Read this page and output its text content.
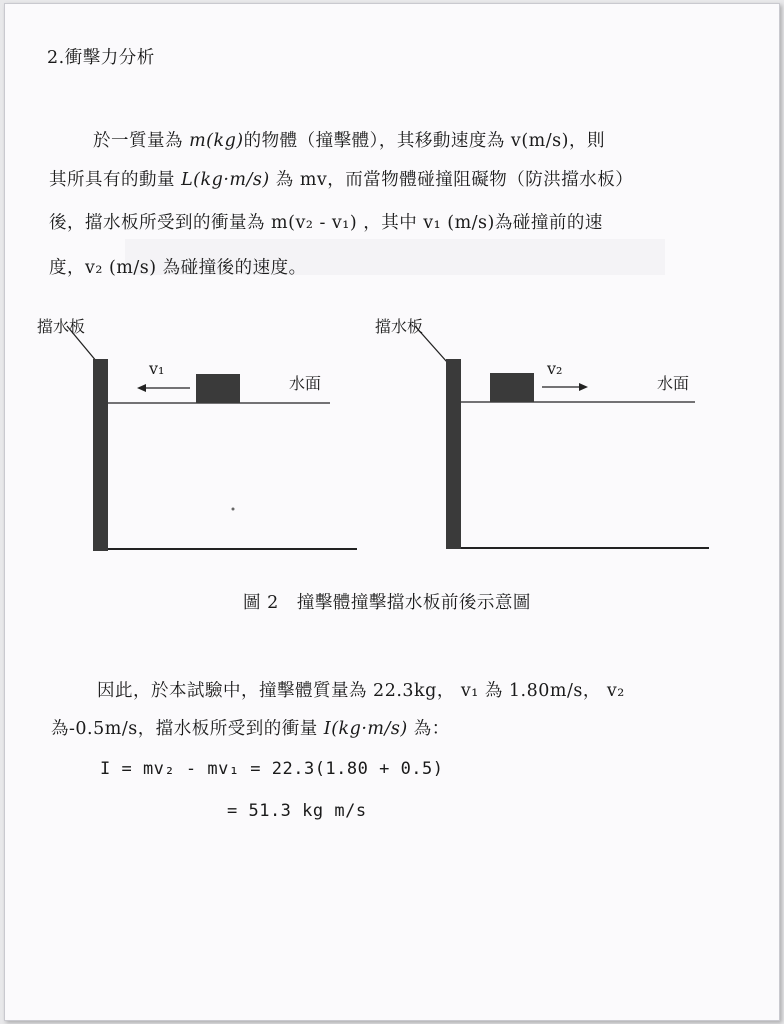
2.衝擊力分析
於一質量為 m(kg)的物體（撞擊體），其移動速度為 v(m/s)，則
其所具有的動量 L(kg·m/s) 為 mv，而當物體碰撞阻礙物（防洪擋水板）
後，擋水板所受到的衝量為 m(v₂ - v₁) ，其中 v₁ (m/s)為碰撞前的速
度，v₂ (m/s) 為碰撞後的速度。
擋水板
v₁
水面
擋水板
v₂
水面
圖 2   撞擊體撞擊擋水板前後示意圖
因此，於本試驗中，撞擊體質量為 22.3kg， v₁ 為 1.80m/s， v₂
為-0.5m/s，擋水板所受到的衝量 I(kg·m/s) 為：
I = mv₂ - mv₁ = 22.3(1.80 + 0.5)
= 51.3 kg m/s
